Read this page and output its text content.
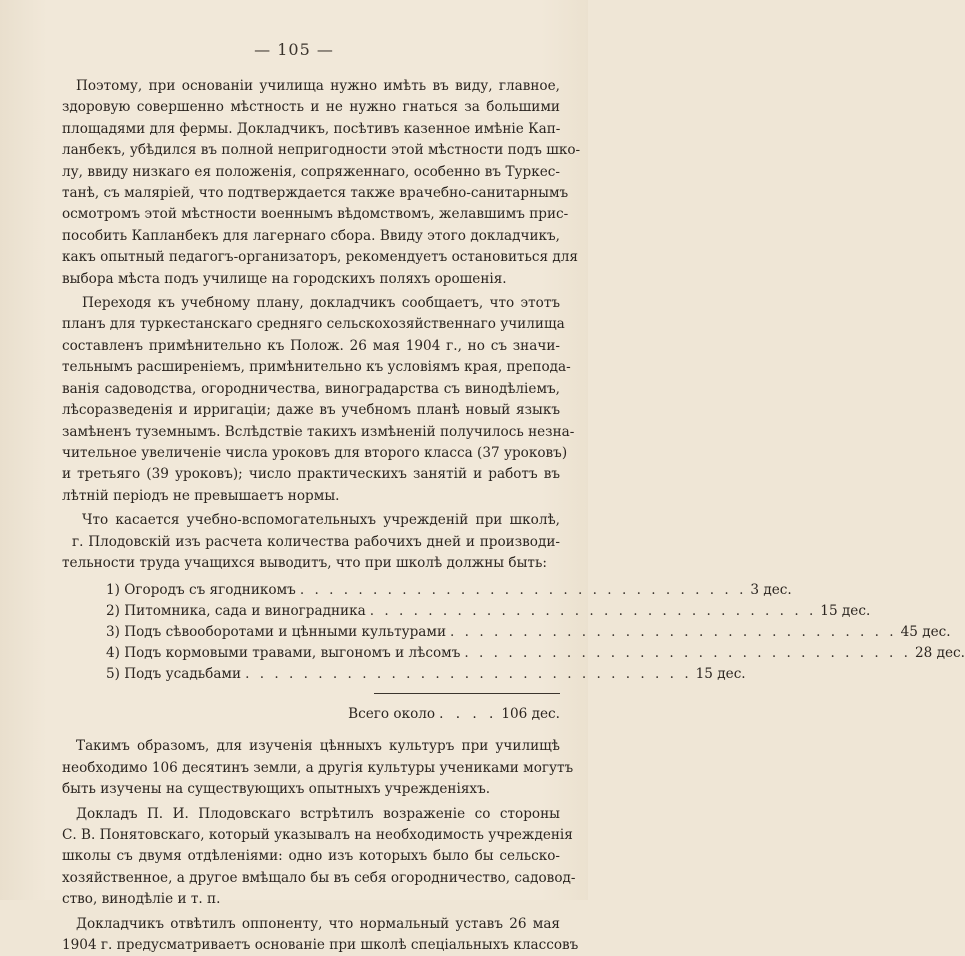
— 105 —
Поэтому, при основаніи училища нужно имѣть въ виду, главное,
здоровую совершенно мѣстность и не нужно гнаться за большими
площадями для фермы. Докладчикъ, посѣтивъ казенное имѣніе Кап-
ланбекъ, убѣдился въ полной непригодности этой мѣстности подъ шко-
лу, ввиду низкаго ея положенія, сопряженнаго, особенно въ Туркес-
танѣ, съ маляріей, что подтверждается также врачебно-санитарнымъ
осмотромъ этой мѣстности военнымъ вѣдомствомъ, желавшимъ прис-
пособить Капланбекъ для лагернаго сбора. Ввиду этого докладчикъ,
какъ опытный педагогъ-организаторъ, рекомендуетъ остановиться для
выбора мѣста подъ училище на городскихъ поляхъ орошенія.
Переходя къ учебному плану, докладчикъ сообщаетъ, что этотъ
планъ для туркестанскаго средняго сельскохозяйственнаго училища
составленъ примѣнительно къ Полож. 26 мая 1904 г., но съ значи-
тельнымъ расширеніемъ, примѣнительно къ условіямъ края, препода-
ванія садоводства, огородничества, виноградарства съ винодѣліемъ,
лѣсоразведенія и ирригаціи; даже въ учебномъ планѣ новый языкъ
замѣненъ туземнымъ. Вслѣдствіе такихъ измѣненій получилось незна-
чительное увеличеніе числа уроковъ для второго класса (37 уроковъ)
и третьяго (39 уроковъ); число практическихъ занятій и работъ въ
лѣтній періодъ не превышаетъ нормы.
Что касается учебно-вспомогательныхъ учрежденій при школѣ,
г. Плодовскій изъ расчета количества рабочихъ дней и производи-
тельности труда учащихся выводитъ, что при школѣ должны быть:
1) Огородъ съ ягодникомъ . . . . . . . . . . . . . . . . . . . . . . . . . . . . . . . 3 дес.
2) Питомника, сада и виноградника . . . . . . . . . . . . . . . . . . . . . . . . . . . . . . . 15 дес.
3) Подъ сѣвооборотами и цѣнными культурами . . . . . . . . . . . . . . . . . . . . . . . . . . . . . . . 45 дес.
4) Подъ кормовыми травами, выгономъ и лѣсомъ . . . . . . . . . . . . . . . . . . . . . . . . . . . . . . . 28 дес.
5) Подъ усадьбами . . . . . . . . . . . . . . . . . . . . . . . . . . . . . . . 15 дес.
Всего около . . . . 106 дес.
Такимъ образомъ, для изученія цѣнныхъ культуръ при училищѣ
необходимо 106 десятинъ земли, а другія культуры учениками могутъ
быть изучены на существующихъ опытныхъ учрежденіяхъ.
Докладъ П. И. Плодовскаго встрѣтилъ возраженіе со стороны
С. В. Понятовскаго, который указывалъ на необходимость учрежденія
школы съ двумя отдѣленіями: одно изъ которыхъ было бы сельско-
хозяйственное, а другое вмѣщало бы въ себя огородничество, садовод-
ство, винодѣліе и т. п.
Докладчикъ отвѣтилъ оппоненту, что нормальный уставъ 26 мая
1904 г. предусматриваетъ основаніе при школѣ спеціальныхъ классовъ
